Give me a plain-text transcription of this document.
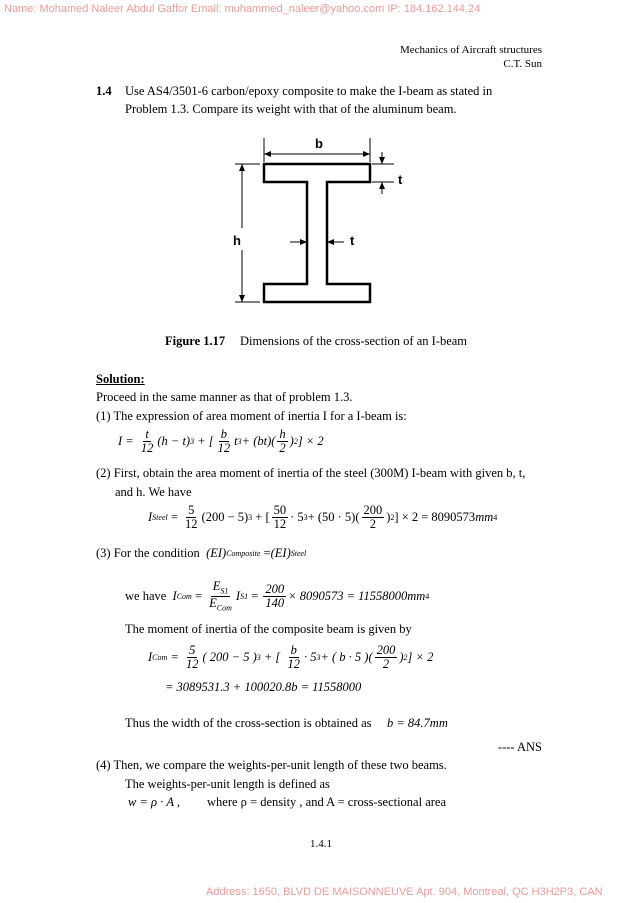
Name: Mohamed Naleer Abdul Gaffor Email: muhammed_naleer@yahoo.com IP: 184.162.144.24
Address: 1650, BLVD DE MAISONNEUVE Apt. 904, Montreal, QC H3H2P3, CAN
Mechanics of Aircraft structures
C.T. Sun
1.4 Use AS4/3501-6 carbon/epoxy composite to make the I-beam as stated in
Problem 1.3. Compare its weight with that of the aluminum beam.
b
t
h	t
Figure 1.17 Dimensions of the cross-section of an I-beam
Solution:
Proceed in the same manner as that of problem 1.3.
(1) The expression of area moment of inertia I for a I-beam is:
$I = \frac{t}{12} (h - t) 3$ + [ $\frac{b}{12}$ t $3 + (bt)( \frac{h}{2}$ ) 2 ] × 2
(2) First, obtain the area moment of inertia of the steel (300M) I-beam with given b, t,
and h. We have
I Steel = $\frac{5}{12} (200 - 5) 3$ + [ $\frac{50}{12} \cdot 5$ $3 + (50 \cdot 5)( \frac{200}{2}$ ) 2 ] × 2 = 8090573 mm 4
(3) For the condition
(EI) Composite = (EI) Steel
we have
I Com = $\frac{E_{S1}}{E_{Com}}$ I $S1 = \frac{200}{140} \times 8090573 = 11558000mm$ 4
The moment of inertia of the composite beam is given by
I Com = $\frac{5}{12}$ ( 200 − 5 ) 3 + [ $\frac{b}{12} \cdot 5$ 3 + ( b · 5 )( $\frac{200}{2}$ ) 2 ] × 2
= 3089531.3 + 100020.8b = 11558000
Thus the width of the cross-section is obtained as b = 84.7mm
---- ANS
(4) Then, we compare the weights-per-unit length of these two beams.
The weights-per-unit length is defined as
w = ρ · A , where ρ = density , and A = cross-sectional area
1.4.1
